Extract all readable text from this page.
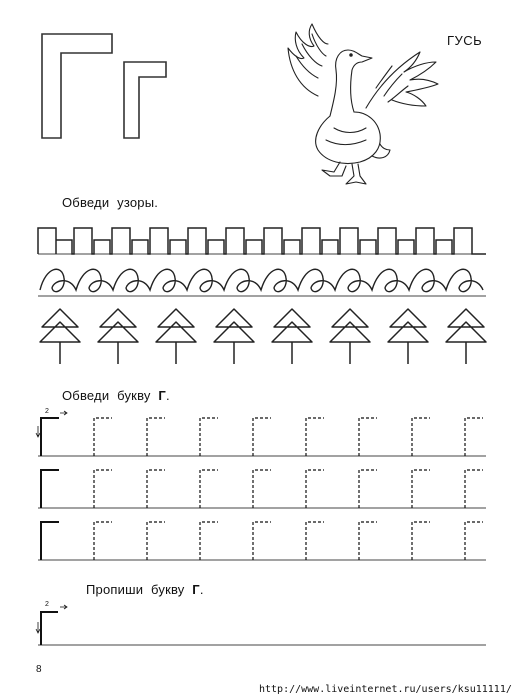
ГУСЬ
Обведи узоры.
Обведи букву Г.
2
Пропиши букву Г.
2
8
http://www.liveinternet.ru/users/ksu11111/
